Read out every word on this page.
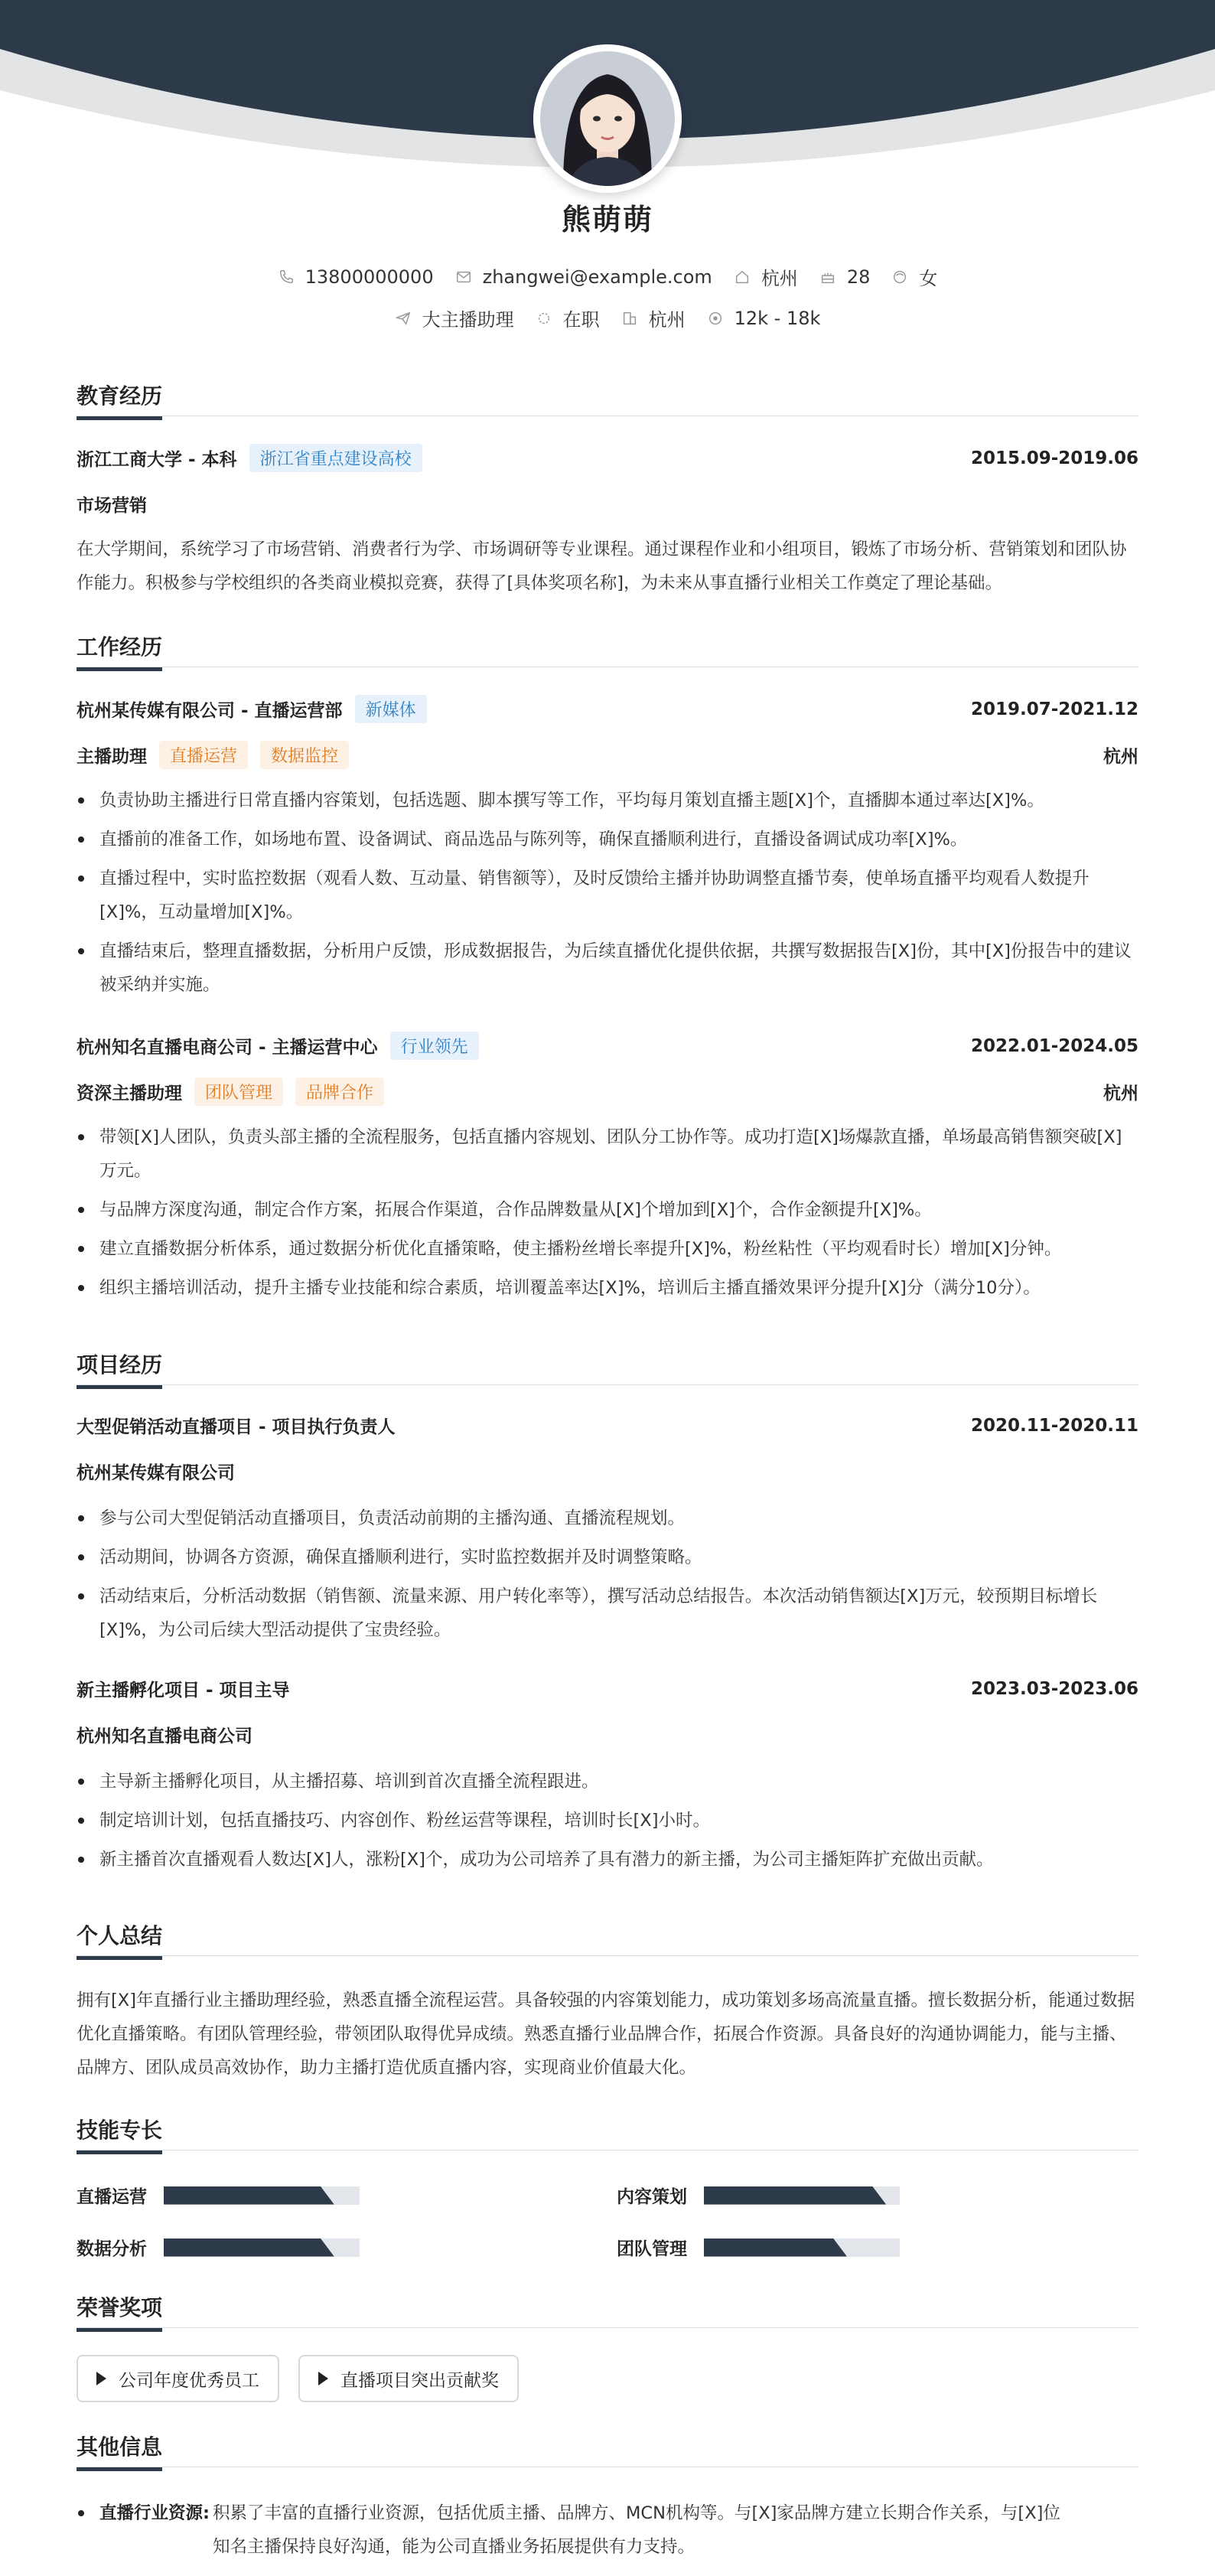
熊萌萌
13800000000	zhangwei@example.com	杭州	28	女
大主播助理	在职	杭州	12k - 18k
教育经历
浙江工商大学 - 本科	浙江省重点建设高校	2015.09-2019.06
市场营销
在大学期间，系统学习了市场营销、消费者行为学、市场调研等专业课程。通过课程作业和小组项目，锻炼了市场分析、营销策划和团队协作能力。积极参与学校组织的各类商业模拟竞赛，获得了[具体奖项名称]，为未来从事直播行业相关工作奠定了理论基础。
工作经历
杭州某传媒有限公司 - 直播运营部	新媒体	2019.07-2021.12
主播助理	直播运营	数据监控	杭州
负责协助主播进行日常直播内容策划，包括选题、脚本撰写等工作，平均每月策划直播主题[X]个，直播脚本通过率达[X]%。
直播前的准备工作，如场地布置、设备调试、商品选品与陈列等，确保直播顺利进行，直播设备调试成功率[X]%。
直播过程中，实时监控数据（观看人数、互动量、销售额等），及时反馈给主播并协助调整直播节奏，使单场直播平均观看人数提升[X]%，互动量增加[X]%。
直播结束后，整理直播数据，分析用户反馈，形成数据报告，为后续直播优化提供依据，共撰写数据报告[X]份，其中[X]份报告中的建议被采纳并实施。
杭州知名直播电商公司 - 主播运营中心	行业领先	2022.01-2024.05
资深主播助理	团队管理	品牌合作	杭州
带领[X]人团队，负责头部主播的全流程服务，包括直播内容规划、团队分工协作等。成功打造[X]场爆款直播，单场最高销售额突破[X]万元。
与品牌方深度沟通，制定合作方案，拓展合作渠道，合作品牌数量从[X]个增加到[X]个，合作金额提升[X]%。
建立直播数据分析体系，通过数据分析优化直播策略，使主播粉丝增长率提升[X]%，粉丝粘性（平均观看时长）增加[X]分钟。
组织主播培训活动，提升主播专业技能和综合素质，培训覆盖率达[X]%，培训后主播直播效果评分提升[X]分（满分10分）。
项目经历
大型促销活动直播项目 - 项目执行负责人	2020.11-2020.11
杭州某传媒有限公司
参与公司大型促销活动直播项目，负责活动前期的主播沟通、直播流程规划。
活动期间，协调各方资源，确保直播顺利进行，实时监控数据并及时调整策略。
活动结束后，分析活动数据（销售额、流量来源、用户转化率等），撰写活动总结报告。本次活动销售额达[X]万元，较预期目标增长[X]%，为公司后续大型活动提供了宝贵经验。
新主播孵化项目 - 项目主导	2023.03-2023.06
杭州知名直播电商公司
主导新主播孵化项目，从主播招募、培训到首次直播全流程跟进。
制定培训计划，包括直播技巧、内容创作、粉丝运营等课程，培训时长[X]小时。
新主播首次直播观看人数达[X]人，涨粉[X]个，成功为公司培养了具有潜力的新主播，为公司主播矩阵扩充做出贡献。
个人总结
拥有[X]年直播行业主播助理经验，熟悉直播全流程运营。具备较强的内容策划能力，成功策划多场高流量直播。擅长数据分析，能通过数据优化直播策略。有团队管理经验，带领团队取得优异成绩。熟悉直播行业品牌合作，拓展合作资源。具备良好的沟通协调能力，能与主播、品牌方、团队成员高效协作，助力主播打造优质直播内容，实现商业价值最大化。
技能专长
直播运营	内容策划
数据分析	团队管理
荣誉奖项
公司年度优秀员工	直播项目突出贡献奖
其他信息
直播行业资源: 积累了丰富的直播行业资源，包括优质主播、品牌方、MCN机构等。与[X]家品牌方建立长期合作关系，与[X]位
知名主播保持良好沟通，能为公司直播业务拓展提供有力支持。
